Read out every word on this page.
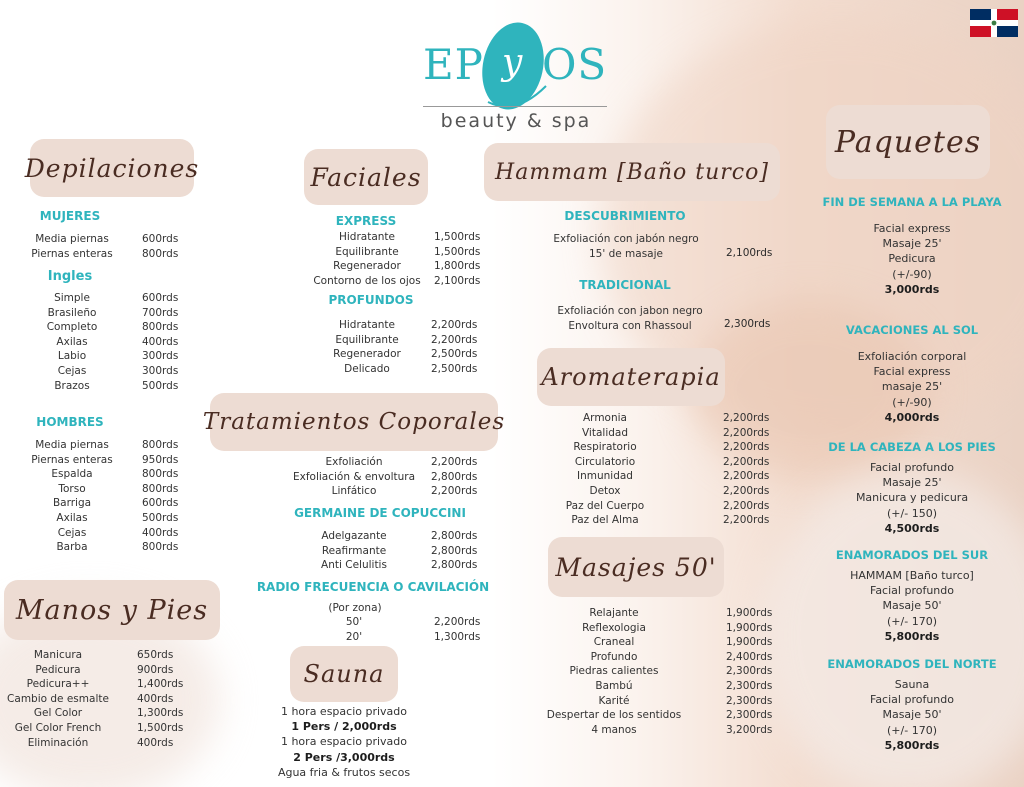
EP y OS
beauty & spa
Depilaciones
MUJERES
Media piernas	600rds
Piernas enteras	800rds
Ingles
Simple	600rds
Brasileño	700rds
Completo	800rds
Axilas	400rds
Labio	300rds
Cejas	300rds
Brazos	500rds
HOMBRES
Media piernas	800rds
Piernas enteras	950rds
Espalda	800rds
Torso	800rds
Barriga	600rds
Axilas	500rds
Cejas	400rds
Barba	800rds
Manos y Pies
Manicura	650rds
Pedicura	900rds
Pedicura++	1,400rds
Cambio de esmalte	400rds
Gel Color	1,300rds
Gel Color French	1,500rds
Eliminación	400rds
Faciales
EXPRESS
Hidratante	1,500rds
Equilibrante	1,500rds
Regenerador	1,800rds
Contorno de los ojos	2,100rds
PROFUNDOS
Hidratante	2,200rds
Equilibrante	2,200rds
Regenerador	2,500rds
Delicado	2,500rds
Tratamientos Coporales
Exfoliación	2,200rds
Exfoliación & envoltura	2,800rds
Linfático	2,200rds
GERMAINE DE COPUCCINI
Adelgazante	2,800rds
Reafirmante	2,800rds
Anti Celulitis	2,800rds
RADIO FRECUENCIA O CAVILACIÓN
(Por zona)
50'	2,200rds
20'	1,300rds
Sauna
1 hora espacio privado
1 Pers / 2,000rds
1 hora espacio privado
2 Pers /3,000rds
Agua fria & frutos secos
Hammam [Baño turco]
DESCUBRIMIENTO
Exfoliación con jabón negro
15' de masaje	2,100rds
TRADICIONAL
Exfoliación con jabon negro
Envoltura con Rhassoul	2,300rds
Aromaterapia
Armonia	2,200rds
Vitalidad	2,200rds
Respiratorio	2,200rds
Circulatorio	2,200rds
Inmunidad	2,200rds
Detox	2,200rds
Paz del Cuerpo	2,200rds
Paz del Alma	2,200rds
Masajes 50'
Relajante	1,900rds
Reflexologia	1,900rds
Craneal	1,900rds
Profundo	2,400rds
Piedras calientes	2,300rds
Bambú	2,300rds
Karité	2,300rds
Despertar de los sentidos	2,300rds
4 manos	3,200rds
Paquetes
FIN DE SEMANA A LA PLAYA
Facial express
Masaje 25'
Pedicura
(+/-90)
3,000rds
VACACIONES AL SOL
Exfoliación corporal
Facial express
masaje 25'
(+/-90)
4,000rds
DE LA CABEZA A LOS PIES
Facial profundo
Masaje 25'
Manicura y pedicura
(+/- 150)
4,500rds
ENAMORADOS DEL SUR
HAMMAM [Baño turco]
Facial profundo
Masaje 50'
(+/- 170)
5,800rds
ENAMORADOS DEL NORTE
Sauna
Facial profundo
Masaje 50'
(+/- 170)
5,800rds
